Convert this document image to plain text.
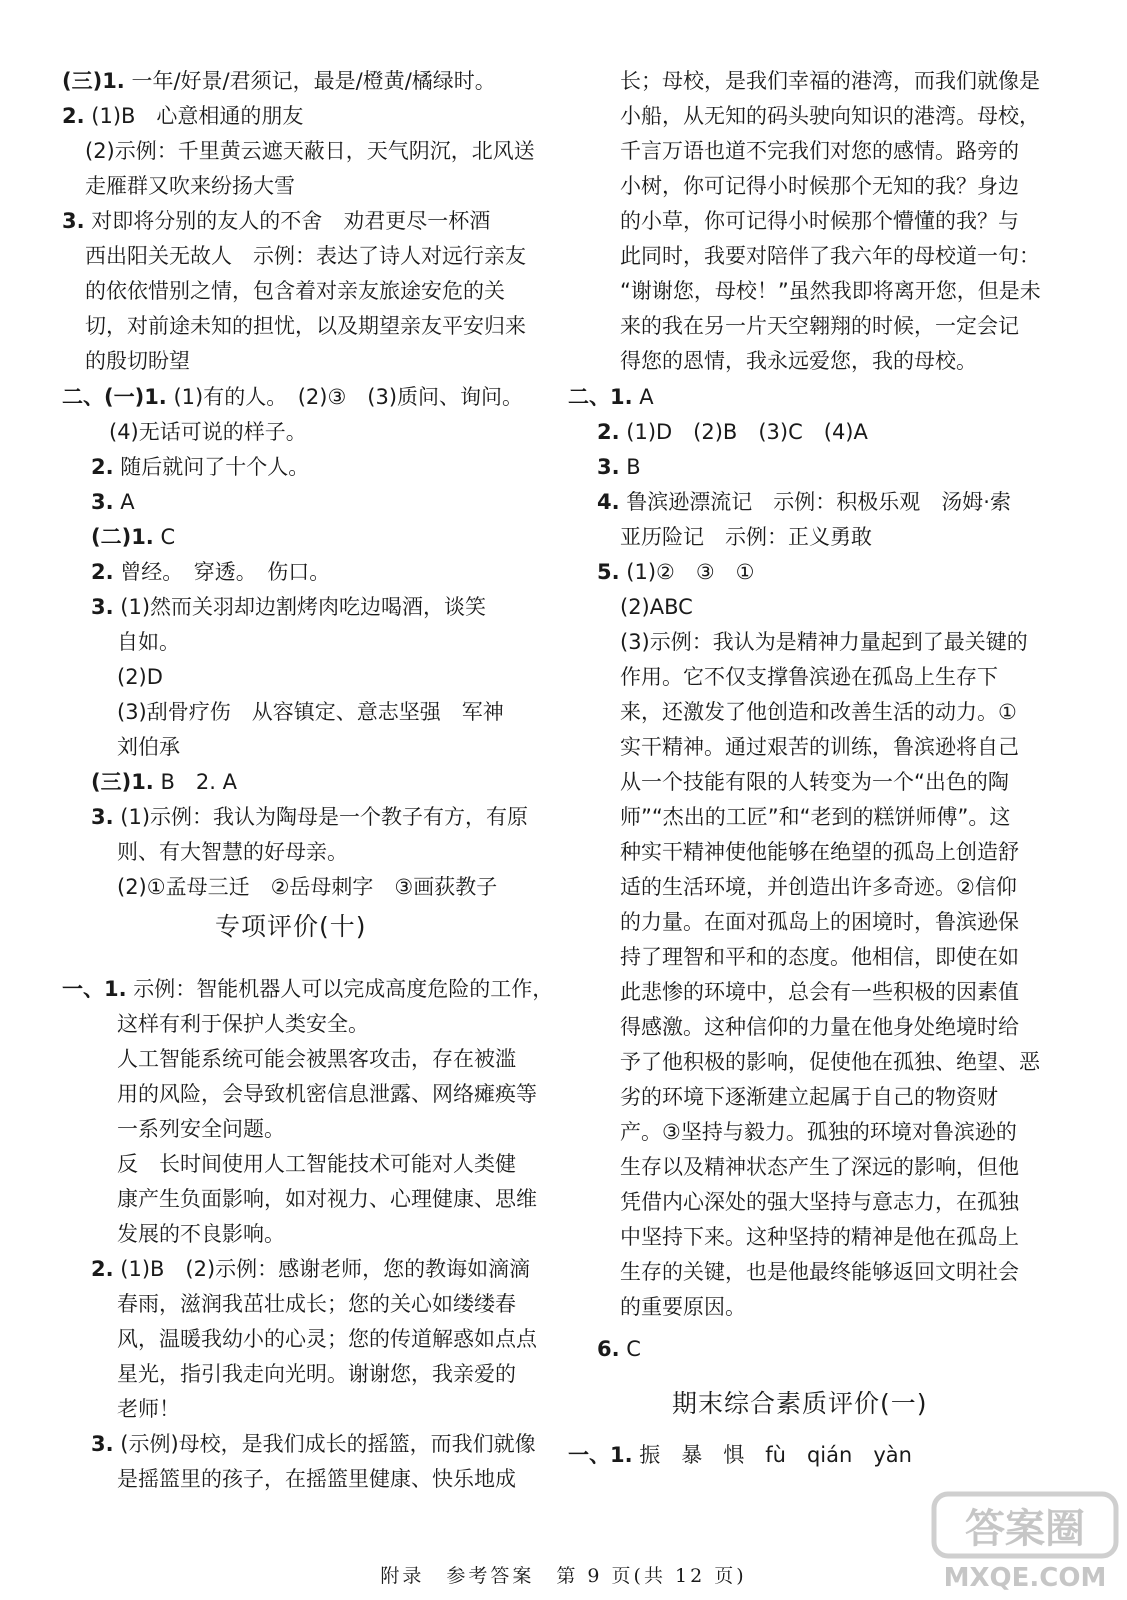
(三)1. 一年/好景/君须记，最是/橙黄/橘绿时。
2. (1)B　心意相通的朋友
(2)示例：千里黄云遮天蔽日，天气阴沉，北风送
走雁群又吹来纷扬大雪
3. 对即将分别的友人的不舍　劝君更尽一杯酒
西出阳关无故人　示例：表达了诗人对远行亲友
的依依惜别之情，包含着对亲友旅途安危的关
切，对前途未知的担忧，以及期望亲友平安归来
的殷切盼望
二、(一)1. (1)有的人。　(2)③　(3)质问、询问。
(4)无话可说的样子。
2. 随后就问了十个人。
3. A
(二)1. C
2. 曾经。　穿透。　伤口。
3. (1)然而关羽却边割烤肉吃边喝酒，谈笑
自如。
(2)D
(3)刮骨疗伤　从容镇定、意志坚强　军神
刘伯承
(三)1. B　2. A
3. (1)示例：我认为陶母是一个教子有方，有原
则、有大智慧的好母亲。
(2)①孟母三迁　②岳母刺字　③画荻教子
一、1. 示例：智能机器人可以完成高度危险的工作，
这样有利于保护人类安全。
人工智能系统可能会被黑客攻击，存在被滥
用的风险，会导致机密信息泄露、网络瘫痪等
一系列安全问题。
反　长时间使用人工智能技术可能对人类健
康产生负面影响，如对视力、心理健康、思维
发展的不良影响。
2. (1)B　(2)示例：感谢老师，您的教诲如滴滴
春雨，滋润我茁壮成长；您的关心如缕缕春
风，温暖我幼小的心灵；您的传道解惑如点点
星光，指引我走向光明。谢谢您，我亲爱的
老师！
3. (示例)母校，是我们成长的摇篮，而我们就像
是摇篮里的孩子，在摇篮里健康、快乐地成
长；母校，是我们幸福的港湾，而我们就像是
小船，从无知的码头驶向知识的港湾。母校，
千言万语也道不完我们对您的感情。路旁的
小树，你可记得小时候那个无知的我？身边
的小草，你可记得小时候那个懵懂的我？与
此同时，我要对陪伴了我六年的母校道一句：
“谢谢您，母校！”虽然我即将离开您，但是未
来的我在另一片天空翱翔的时候，一定会记
得您的恩情，我永远爱您，我的母校。
二、1. A
2. (1)D　(2)B　(3)C　(4)A
3. B
4. 鲁滨逊漂流记　示例：积极乐观　汤姆·索
亚历险记　示例：正义勇敢
5. (1)②　③　①
(2)ABC
(3)示例：我认为是精神力量起到了最关键的
作用。它不仅支撑鲁滨逊在孤岛上生存下
来，还激发了他创造和改善生活的动力。①
实干精神。通过艰苦的训练，鲁滨逊将自己
从一个技能有限的人转变为一个“出色的陶
师”“杰出的工匠”和“老到的糕饼师傅”。这
种实干精神使他能够在绝望的孤岛上创造舒
适的生活环境，并创造出许多奇迹。②信仰
的力量。在面对孤岛上的困境时，鲁滨逊保
持了理智和平和的态度。他相信，即使在如
此悲惨的环境中，总会有一些积极的因素值
得感激。这种信仰的力量在他身处绝境时给
予了他积极的影响，促使他在孤独、绝望、恶
劣的环境下逐渐建立起属于自己的物资财
产。③坚持与毅力。孤独的环境对鲁滨逊的
生存以及精神状态产生了深远的影响，但他
凭借内心深处的强大坚持与意志力，在孤独
中坚持下来。这种坚持的精神是他在孤岛上
生存的关键，也是他最终能够返回文明社会
的重要原因。
6. C
一、1. 振　暴　惧　fù　qián　yàn
专项评价(十)
期末综合素质评价(一)
附录　参考答案　第 9 页(共 12 页)
答案圈
MXQE.COM
